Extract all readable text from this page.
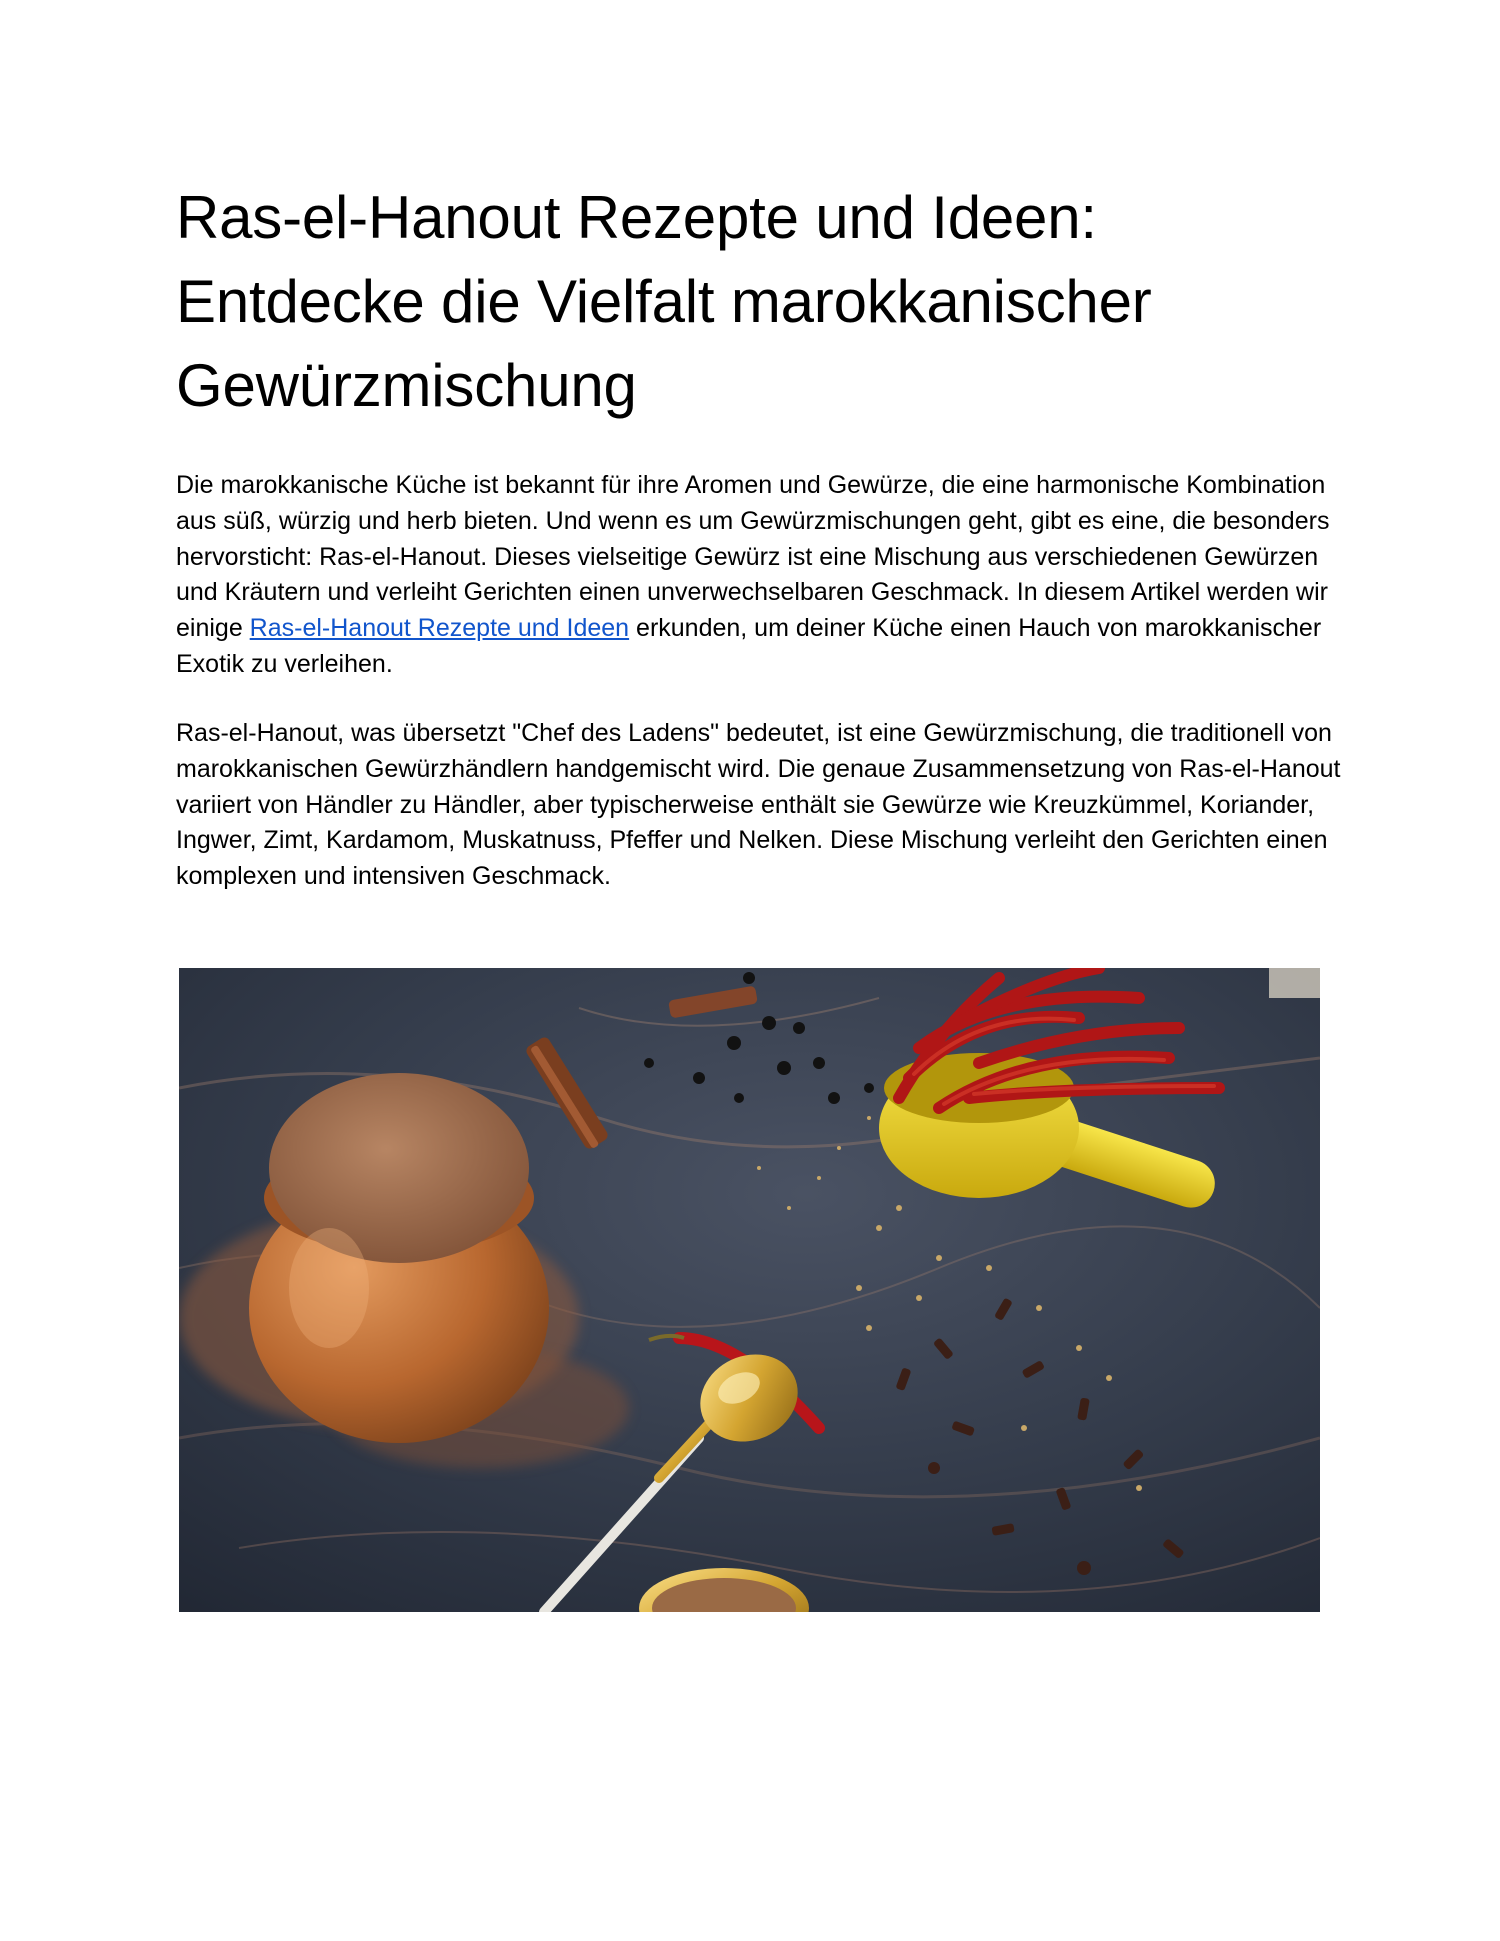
Ras-el-Hanout Rezepte und Ideen: Entdecke die Vielfalt marokkanischer Gewürzmischung

Die marokkanische Küche ist bekannt für ihre Aromen und Gewürze, die eine harmonische Kombination aus süß, würzig und herb bieten. Und wenn es um Gewürzmischungen geht, gibt es eine, die besonders hervorsticht: Ras-el-Hanout. Dieses vielseitige Gewürz ist eine Mischung aus verschiedenen Gewürzen und Kräutern und verleiht Gerichten einen unverwechselbaren Geschmack. In diesem Artikel werden wir einige Ras-el-Hanout Rezepte und Ideen erkunden, um deiner Küche einen Hauch von marokkanischer Exotik zu verleihen.

Ras-el-Hanout, was übersetzt "Chef des Ladens" bedeutet, ist eine Gewürzmischung, die traditionell von marokkanischen Gewürzhändlern handgemischt wird. Die genaue Zusammensetzung von Ras-el-Hanout variiert von Händler zu Händler, aber typischerweise enthält sie Gewürze wie Kreuzkümmel, Koriander, Ingwer, Zimt, Kardamom, Muskatnuss, Pfeffer und Nelken. Diese Mischung verleiht den Gerichten einen komplexen und intensiven Geschmack.
